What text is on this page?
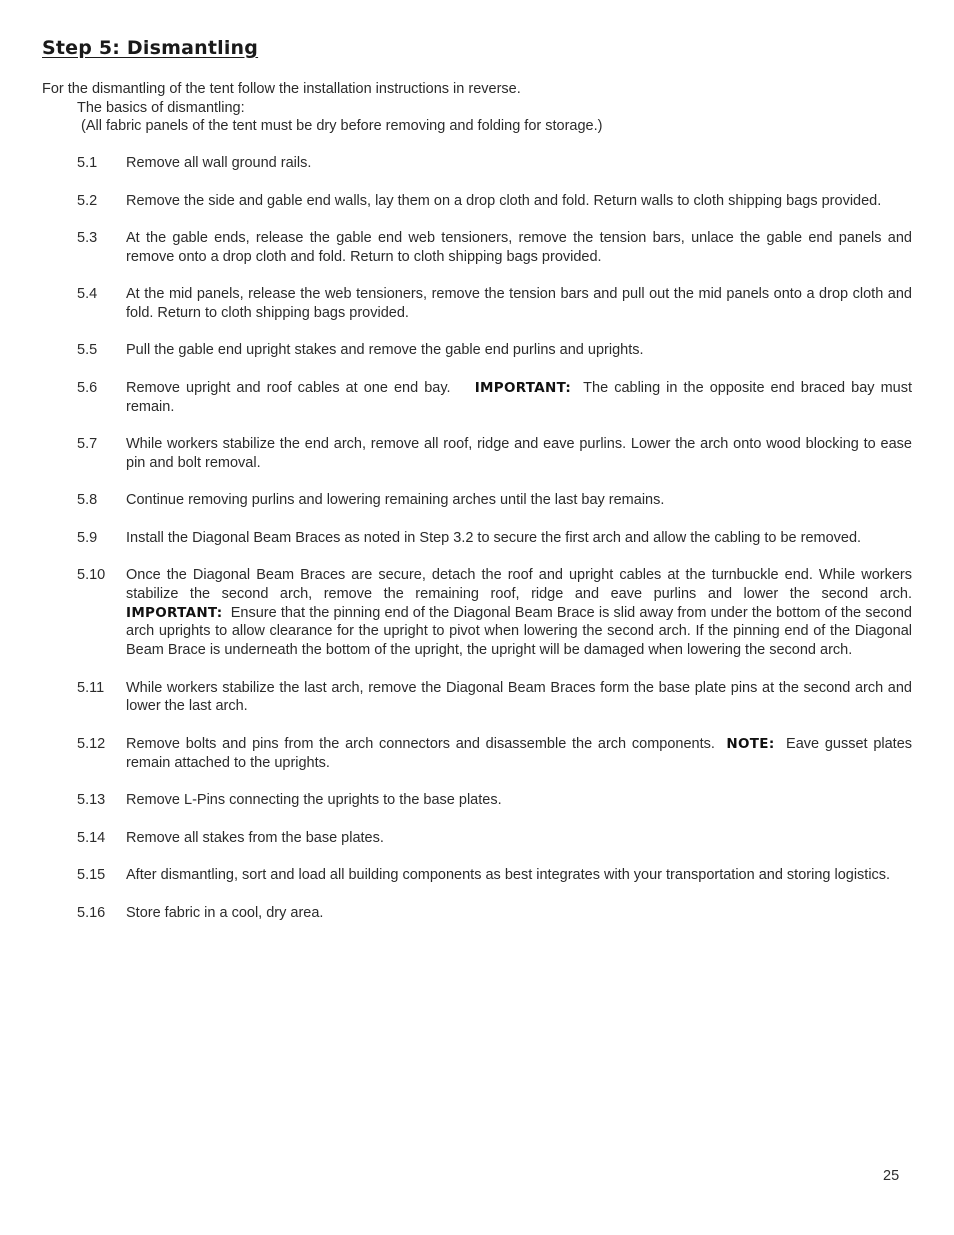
Step 5: Dismantling
For the dismantling of the tent follow the installation instructions in reverse.
The basics of dismantling:
(All fabric panels of the tent must be dry before removing and folding for storage.)
5.1	Remove all wall ground rails.
5.2	Remove the side and gable end walls, lay them on a drop cloth and fold. Return walls to cloth shipping bags provided.
5.3	At the gable ends, release the gable end web tensioners, remove the tension bars, unlace the gable end panels and remove onto a drop cloth and fold. Return to cloth shipping bags provided.
5.4	At the mid panels, release the web tensioners, remove the tension bars and pull out the mid panels onto a drop cloth and fold. Return to cloth shipping bags provided.
5.5	Pull the gable end upright stakes and remove the gable end purlins and uprights.
5.6	Remove upright and roof cables at one end bay. IMPORTANT: The cabling in the opposite end braced bay must remain.
5.7	While workers stabilize the end arch, remove all roof, ridge and eave purlins. Lower the arch onto wood blocking to ease pin and bolt removal.
5.8	Continue removing purlins and lowering remaining arches until the last bay remains.
5.9	Install the Diagonal Beam Braces as noted in Step 3.2 to secure the first arch and allow the cabling to be removed.
5.10	Once the Diagonal Beam Braces are secure, detach the roof and upright cables at the turnbuckle end. While workers stabilize the second arch, remove the remaining roof, ridge and eave purlins and lower the second arch. IMPORTANT: Ensure that the pinning end of the Diagonal Beam Brace is slid away from under the bottom of the second arch uprights to allow clearance for the upright to pivot when lowering the second arch. If the pinning end of the Diagonal Beam Brace is underneath the bottom of the upright, the upright will be damaged when lowering the second arch.
5.11	While workers stabilize the last arch, remove the Diagonal Beam Braces form the base plate pins at the second arch and lower the last arch.
5.12	Remove bolts and pins from the arch connectors and disassemble the arch components. NOTE: Eave gusset plates remain attached to the uprights.
5.13	Remove L-Pins connecting the uprights to the base plates.
5.14	Remove all stakes from the base plates.
5.15	After dismantling, sort and load all building components as best integrates with your transportation and storing logistics.
5.16	Store fabric in a cool, dry area.
25
